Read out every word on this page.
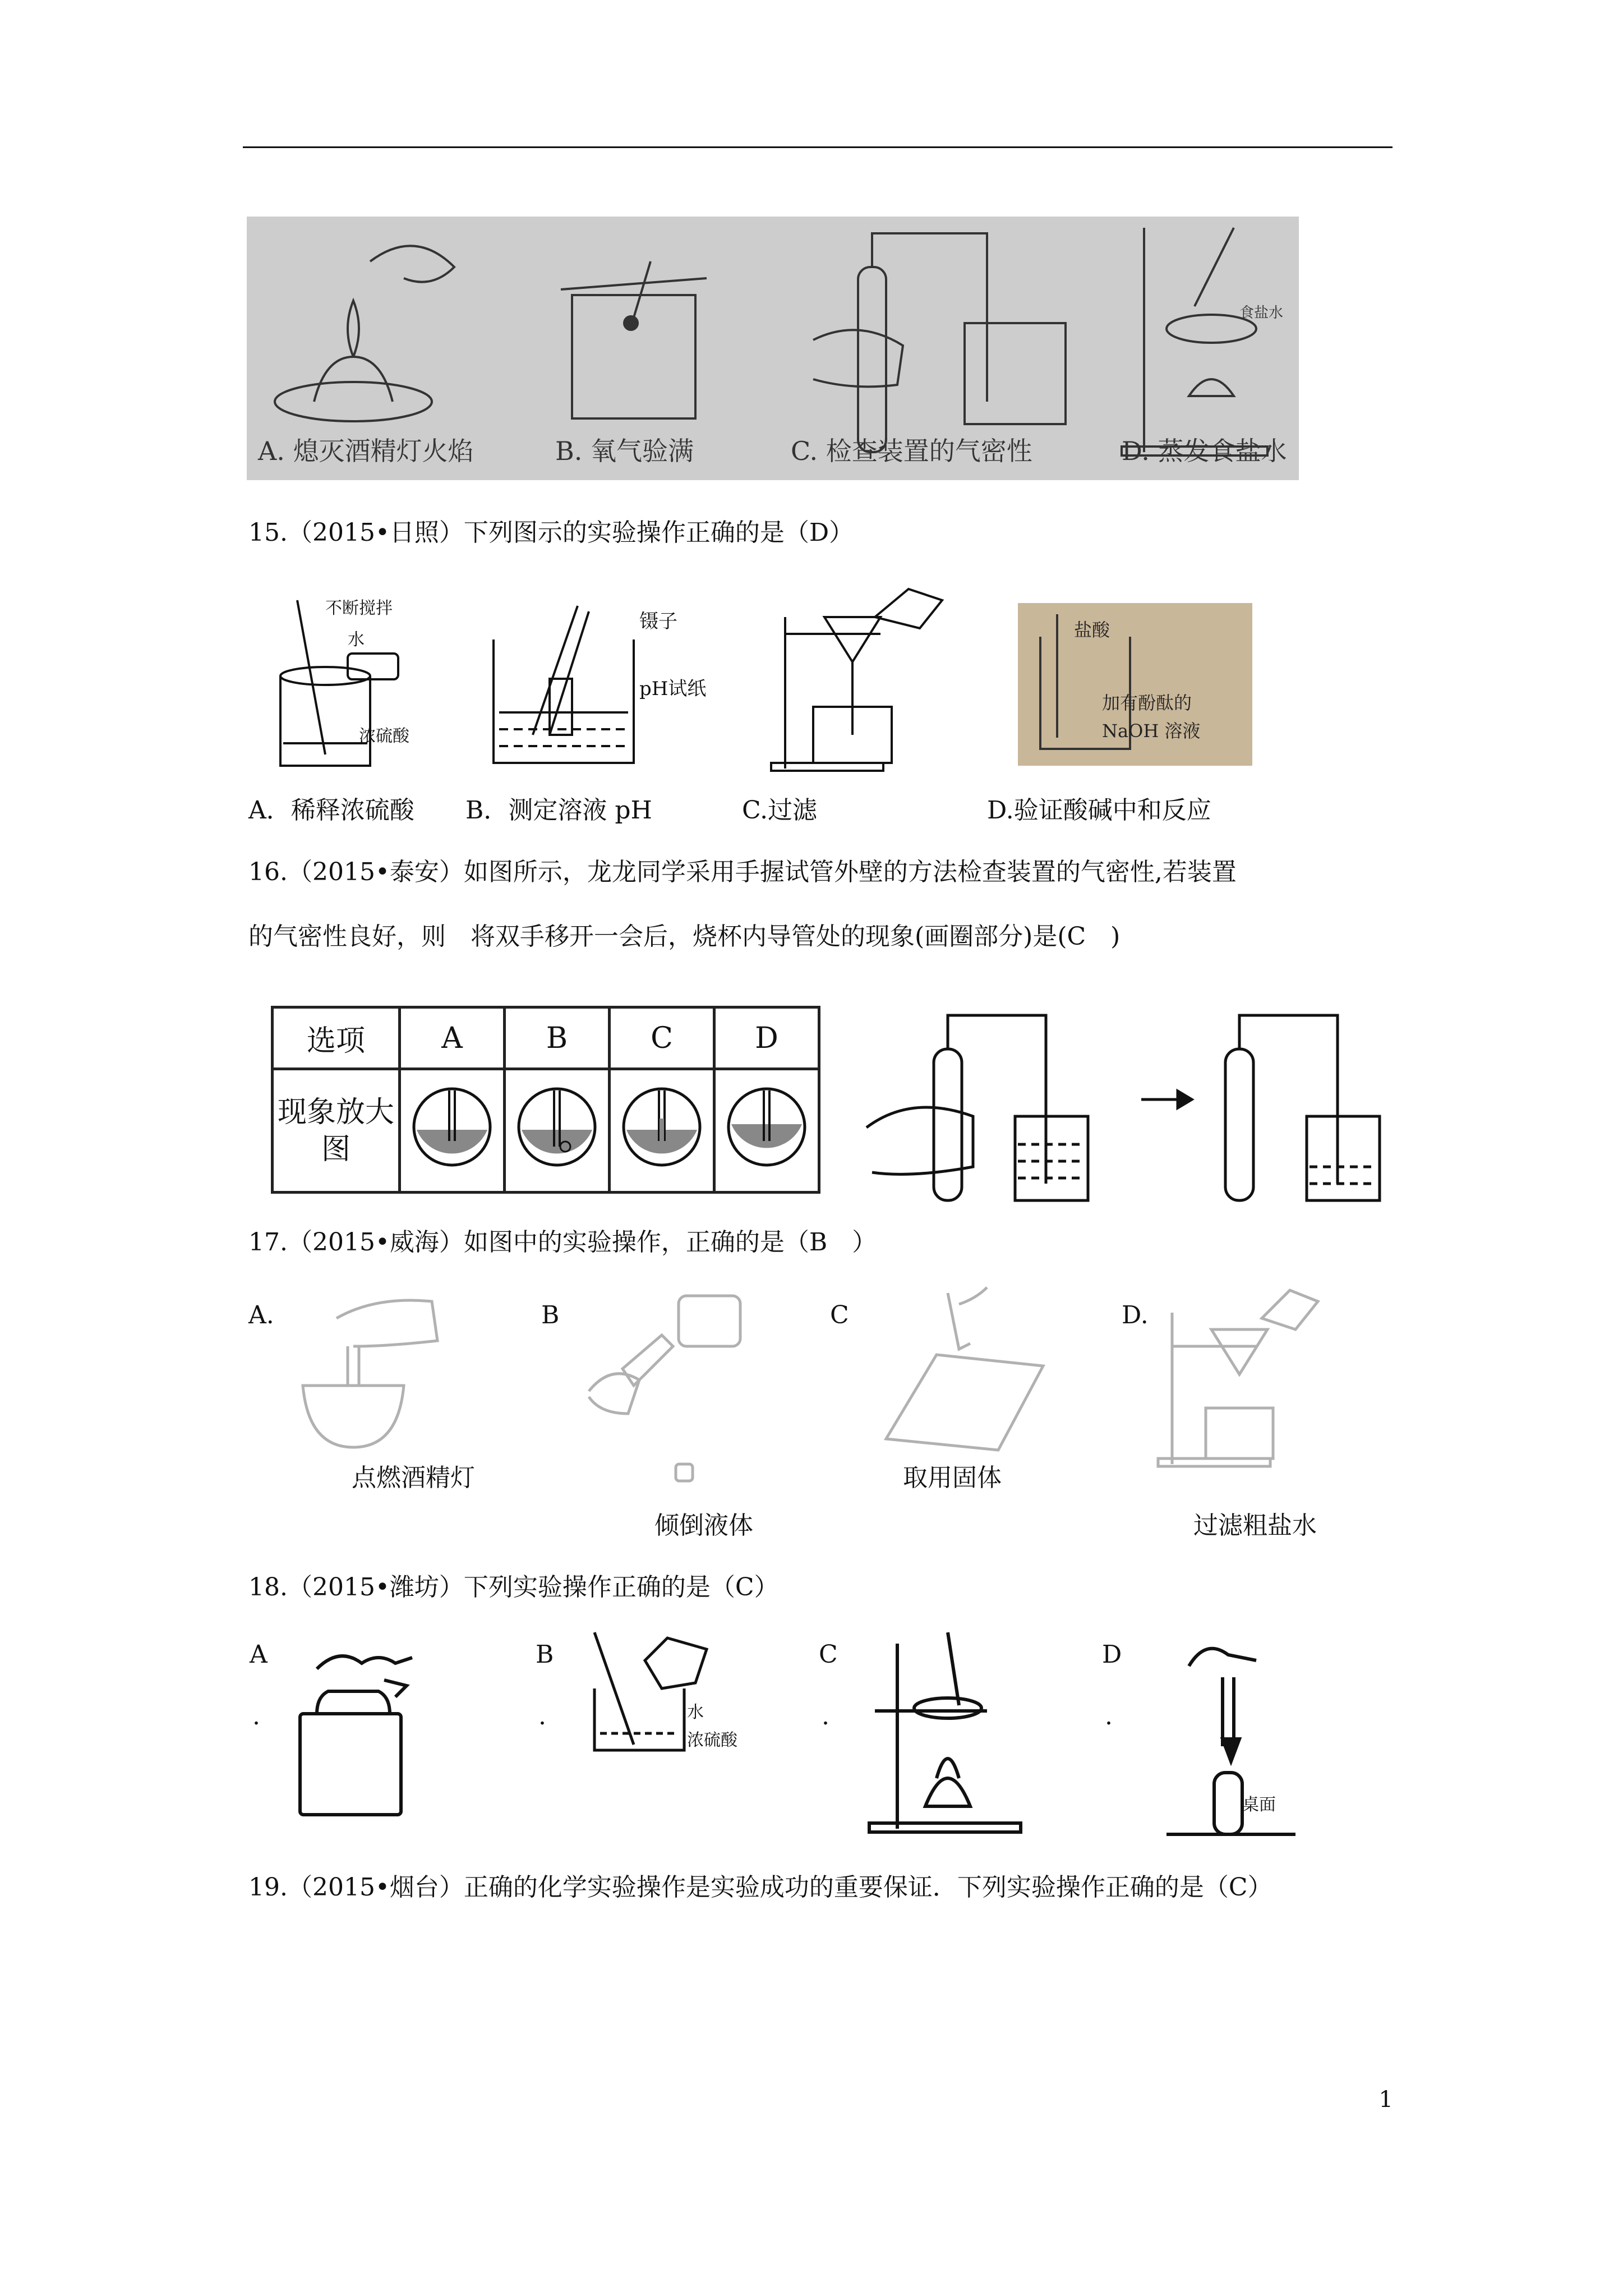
食盐水
A. 熄灭酒精灯火焰	B. 氧气验满	C. 检查装置的气密性	D. 蒸发食盐水
15.（2015•日照）下列图示的实验操作正确的是（D）
不断搅拌
水
浓硫酸
镊子
pH试纸
盐酸
加有酚酞的
NaOH 溶液
A．稀释浓硫酸 B．测定溶液 pH	C.过滤	D.验证酸碱中和反应
16.（2015•泰安）如图所示，龙龙同学采用手握试管外壁的方法检查装置的气密性,若装置
的气密性良好，则　将双手移开一会后，烧杯内导管处的现象(画圈部分)是(C　)
选项	A	B	C	D
现象放大图				
17.（2015•威海）如图中的实验操作，正确的是（B　）
A.	B	C	D.
点燃酒精灯
倾倒液体
取用固体
过滤粗盐水
18.（2015•潍坊）下列实验操作正确的是（C）
A	B	C	D
.	.	.	.
水
浓硫酸
桌面
19.（2015•烟台）正确的化学实验操作是实验成功的重要保证．下列实验操作正确的是（C）
1
